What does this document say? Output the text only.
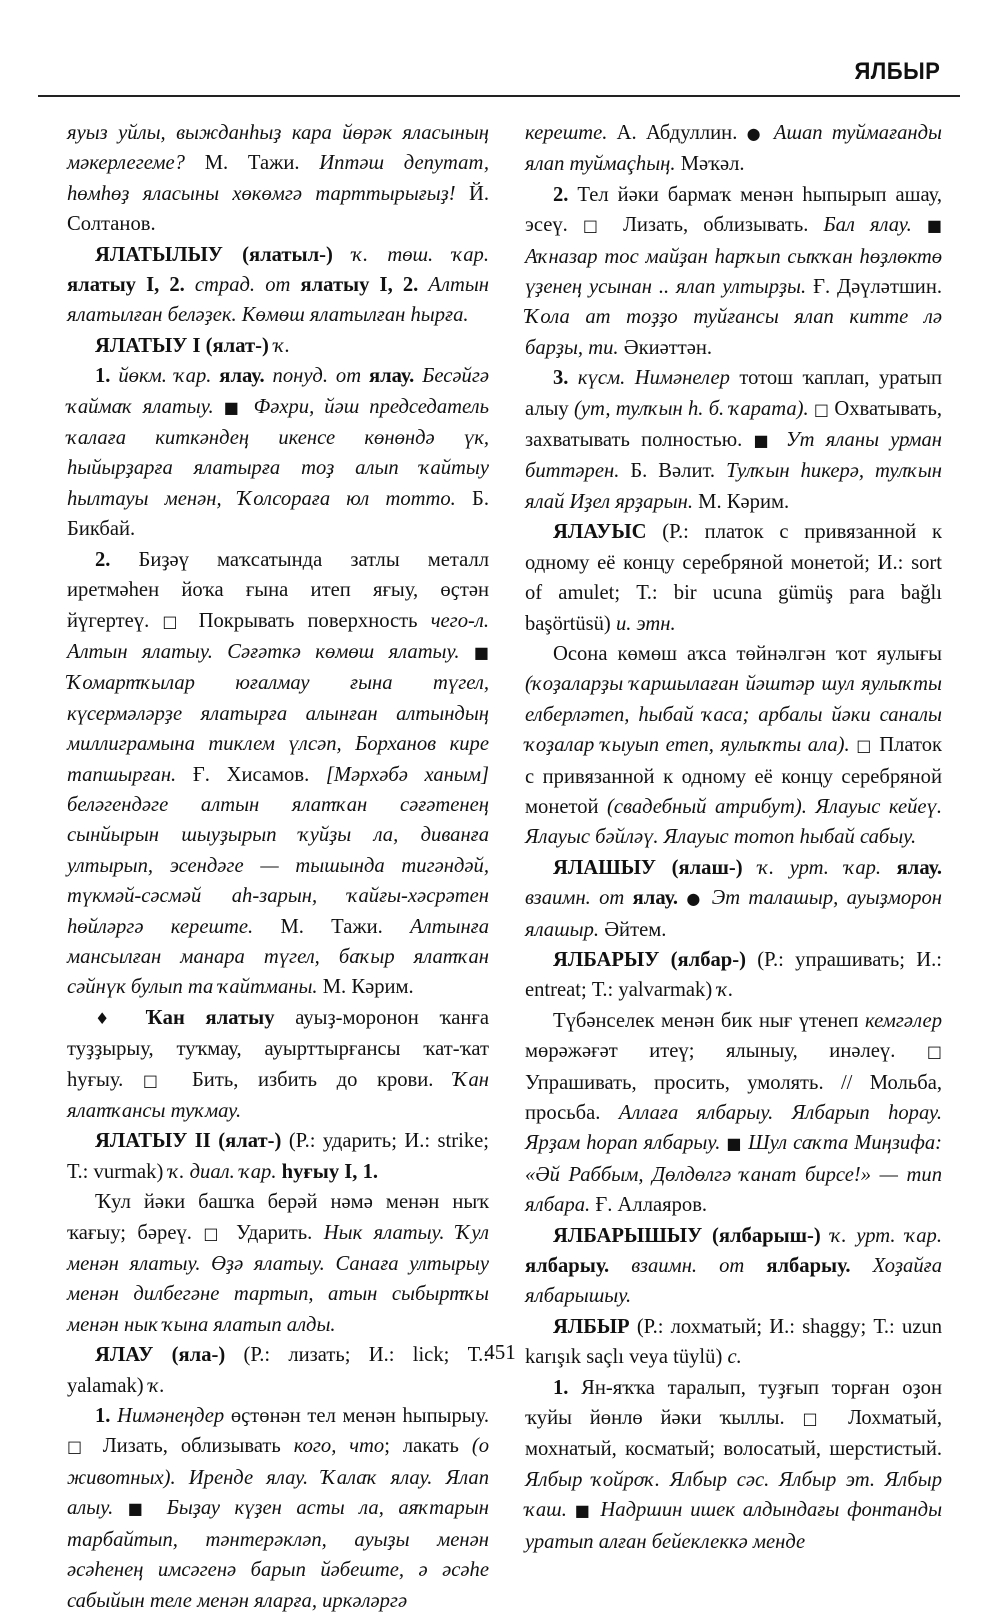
ЯЛБЫР

яуыз уйлы, выжданhыҙ кара йөрәк яласының мәкерлегеме? М. Тажи. Иптәш депутат, hөмhөҙ яласыны хөкөмгә тарттырығыҙ! Й. Солтанов.

ЯЛАТЫЛЫУ (ялатыл-) ҡ. төш. ҡар. ялатыу I, 2. страд. от ялатыу I, 2. Алтын ялатылған беләҙек. Көмөш ялатылған hырға.

ЯЛАТЫУ I (ялат-) ҡ.

1. йөкм. ҡар. ялау. понуд. от ялау. Бесәйгә ҡаймаҡ ялатыу. ■ Фәхри, йәш председатель ҡалаға киткәндең икенсе көнөндә үк, hыйырҙарға ялатырға тоҙ алып ҡайтыу hылтауы менән, Ҡолсораға юл тотто. Б. Бикбай.

2. Биҙәү маҡсатында затлы металл иретмәhен йоҡа ғына итеп яғыу, өҫтән йүгертеү. □ Покрывать поверхность чего-л. Алтын ялатыу. Сәғәткә көмөш ялатыу. ■ Ҡомартҡылар юғалмау ғына түгел, күсермәләрҙе ялатырға алынған алтындың миллиграмына тиклем үлсәп, Борханов кире тапшырған. Ғ. Хисамов. [Мәрхәбә ханым] беләгендәге алтын ялатҡан сәғәтенең сынйырын шыуҙырып ҡуйҙы ла, диванға ултырып, эсендәге — тышында тигәндәй, түкмәй-сәсмәй аh-зарын, ҡайғы-хәсрәтен hөйләргә кереште. М. Тажи. Алтынға мансылған манара түгел, баҡыр ялатҡан сәйнүк булып та ҡайтманы. М. Кәрим.

♦ Ҡан ялатыу ауыҙ-моронон ҡанға туҙҙырыу, туҡмау, ауырттырғансы ҡат-ҡат hуғыу. □ Бить, избить до крови. Ҡан ялатҡансы туҡмау.

ЯЛАТЫУ II (ялат-) (Р.: ударить; И.: strike; Т.: vurmak) ҡ. диал. ҡар. hуғыу I, 1.

Ҡул йәки башҡа берәй нәмә менән ныҡ ҡағыу; бәреү. □ Ударить. Нык ялатыу. Ҡул менән ялатыу. Өҙә ялатыу. Санаға ултырыу менән дилбегәне тартып, атын сыбыртҡы менән нык ҡына ялатып алды.

ЯЛАУ (яла-) (Р.: лизать; И.: lick; Т.: yalamak) ҡ.

1. Нимәнеңдер өҫтөнән тел менән hыпырыу. □ Лизать, облизывать кого, что; лакать (о животных). Иренде ялау. Ҡалаҡ ялау. Ялап алыу. ■ Быҙау күҙен асты ла, аяҡтарын тарбайтып, тәнтерәкләп, ауыҙы менән әсәhенең имсәгенә барып йәбеште, ә әсәhе сабыйын теле менән яларға, иркәләргә

кереште. А. Абдуллин. ● Ашап туймағанды ялап туймаçhың. Мәҡәл.

2. Тел йәки бармаҡ менән hыпырып ашау, эсеү. □ Лизать, облизывать. Бал ялау. ■ Аҡназар тос майҙан hарҡып сыҡҡан hөҙлөктө үҙенең усынан .. ялап ултырҙы. Ғ. Дәүләтшин. Ҡола ат тоҙҙо туйғансы ялап китте лә барҙы, ти. Әкиәттән.

3. күсм. Нимәнелер тотош ҡаплап, уратып алыу (ут, тулҡын h. б. ҡарата). □ Охватывать, захватывать полностью. ■ Ут яланы урман биттәрен. Б. Вәлит. Тулҡын hикерә, тулҡын ялай Иҙел ярҙарын. М. Кәрим.

ЯЛАУЫС (Р.: платок с привязанной к одному её концу серебряной монетой; И.: sort of amulet; Т.: bir ucuna gümüş para bağlı başörtüsü) и. этн.

Осона көмөш аҡса төйнәлгән ҡот яулығы (ҡоҙаларҙы ҡаршылаған йәштәр шул яулыҡты елберләтеп, hыбай ҡаса; арбалы йәки саналы ҡоҙалар ҡыуып етеп, яулыҡты ала). □ Платок с привязанной к одному её концу серебряной монетой (свадебный атрибут). Ялауыс кейеү. Ялауыс бәйләү. Ялауыс тотоп hыбай сабыу.

ЯЛАШЫУ (ялаш-) ҡ. урт. ҡар. ялау. взаимн. от ялау. ● Эт талашыр, ауыҙморон ялашыр. Әйтем.

ЯЛБАРЫУ (ялбар-) (Р.: упрашивать; И.: entreat; Т.: yalvarmak) ҡ.

Түбәнселек менән бик нығ үтенеп кемгәлер мөрәжәғәт итеү; ялыныу, инәлеү. □ Упрашивать, просить, умолять. // Мольба, просьба. Аллаға ялбарыу. Ялбарып hорау. Ярҙам hорап ялбарыу. ■ Шул саҡта Миңзифа: «Әй Раббым, Дөлдөлгә ҡанат бирсе!» — тип ялбара. Ғ. Аллаяров.

ЯЛБАРЫШЫУ (ялбарыш-) ҡ. урт. ҡар. ялбарыу. взаимн. от ялбарыу. Хоҙайға ялбарышыу.

ЯЛБЫР (Р.: лохматый; И.: shaggy; Т.: uzun karışık saçlı veya tüylü) с.

1. Ян-яҡҡа таралып, туҙғып торған оҙон ҡуйы йөнлө йәки ҡыллы. □ Лохматый, мохнатый, косматый; волосатый, шерстистый. Ялбыр ҡойроҡ. Ялбыр сәс. Ялбыр эт. Ялбыр ҡаш. ■ Надршин ишек алдындағы фонтанды уратып алған бейеклеккә менде

451
